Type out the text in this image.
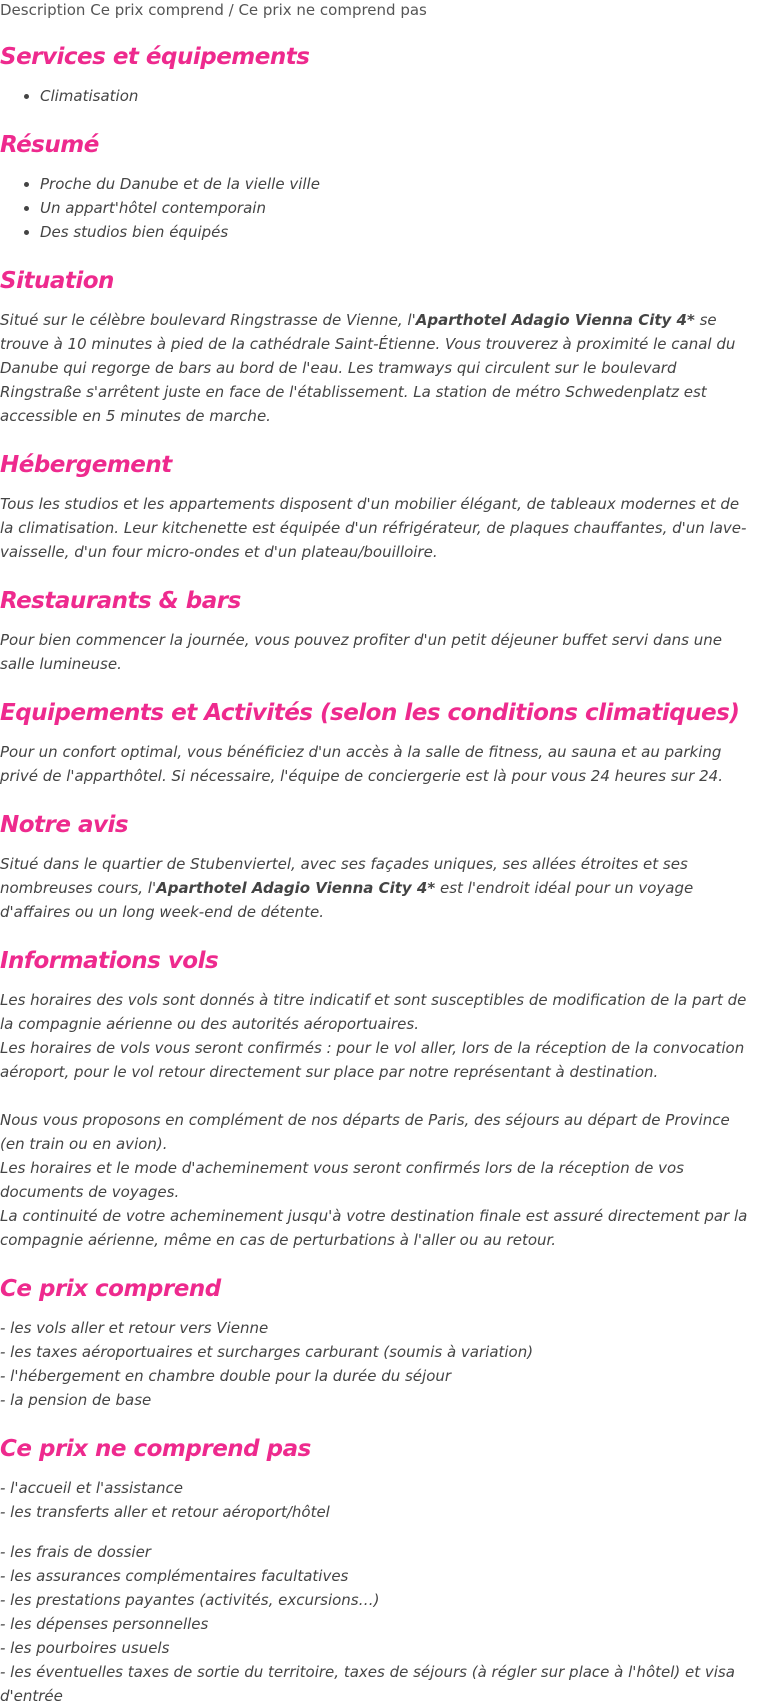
Description Ce prix comprend / Ce prix ne comprend pas
Services et équipements
• Climatisation
Résumé
• Proche du Danube et de la vielle ville
• Un appart'hôtel contemporain
• Des studios bien équipés
Situation

Situé sur le célèbre boulevard Ringstrasse de Vienne, l'Aparthotel Adagio Vienna City 4* se trouve à 10 minutes à pied de la cathédrale Saint-Étienne. Vous trouverez à proximité le canal du Danube qui regorge de bars au bord de l'eau. Les tramways qui circulent sur le boulevard Ringstraße s'arrêtent juste en face de l'établissement. La station de métro Schwedenplatz est accessible en 5 minutes de marche.

Hébergement

Tous les studios et les appartements disposent d'un mobilier élégant, de tableaux modernes et de la climatisation. Leur kitchenette est équipée d'un réfrigérateur, de plaques chauffantes, d'un lave-vaisselle, d'un four micro-ondes et d'un plateau/bouilloire.

Restaurants & bars

Pour bien commencer la journée, vous pouvez profiter d'un petit déjeuner buffet servi dans une salle lumineuse.

Equipements et Activités (selon les conditions climatiques)

Pour un confort optimal, vous bénéficiez d'un accès à la salle de fitness, au sauna et au parking privé de l'apparthôtel. Si nécessaire, l'équipe de conciergerie est là pour vous 24 heures sur 24.

Notre avis

Situé dans le quartier de Stubenviertel, avec ses façades uniques, ses allées étroites et ses nombreuses cours, l'Aparthotel Adagio Vienna City 4* est l'endroit idéal pour un voyage d'affaires ou un long week-end de détente.

Informations vols

Les horaires des vols sont donnés à titre indicatif et sont susceptibles de modification de la part de la compagnie aérienne ou des autorités aéroportuaires.

Les horaires de vols vous seront confirmés : pour le vol aller, lors de la réception de la convocation aéroport, pour le vol retour directement sur place par notre représentant à destination.

Nous vous proposons en complément de nos départs de Paris, des séjours au départ de Province (en train ou en avion).

Les horaires et le mode d'acheminement vous seront confirmés lors de la réception de vos documents de voyages.

La continuité de votre acheminement jusqu'à votre destination finale est assuré directement par la compagnie aérienne, même en cas de perturbations à l'aller ou au retour.

Ce prix comprend

- les vols aller et retour vers Vienne

- les taxes aéroportuaires et surcharges carburant (soumis à variation)

- l'hébergement en chambre double pour la durée du séjour

- la pension de base

Ce prix ne comprend pas

- l'accueil et l'assistance

- les transferts aller et retour aéroport/hôtel

- les frais de dossier

- les assurances complémentaires facultatives

- les prestations payantes (activités, excursions…)

- les dépenses personnelles

- les pourboires usuels

- les éventuelles taxes de sortie du territoire, taxes de séjours (à régler sur place à l'hôtel) et visa d'entrée
